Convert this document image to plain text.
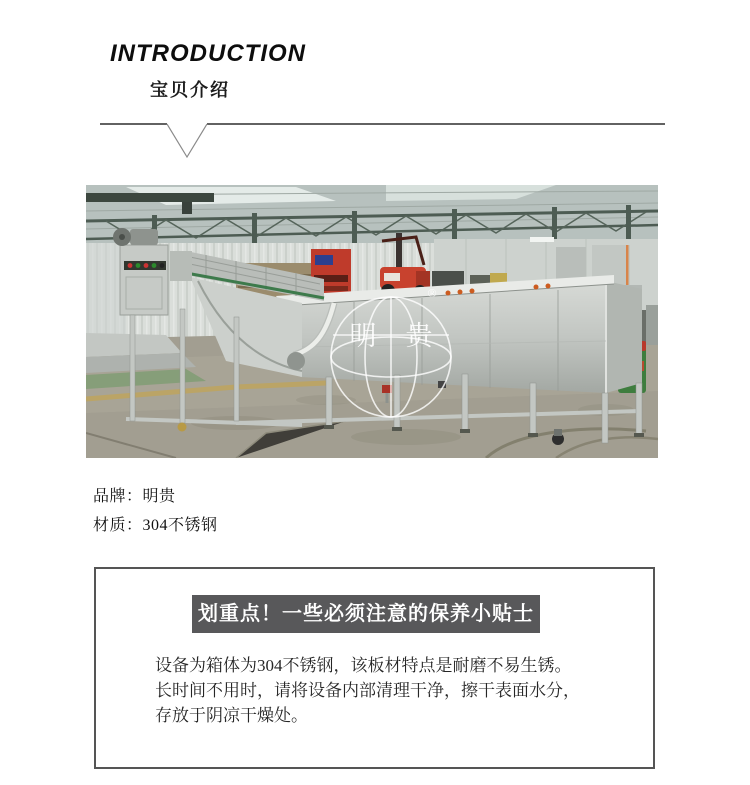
INTRODUCTION
宝贝介绍
明 贵
®
品牌：明贵
材质：304不锈钢
划重点！一些必须注意的保养小贴士

设备为箱体为304不锈钢，该板材特点是耐磨不易生锈。

长时间不用时，请将设备内部清理干净，擦干表面水分，

存放于阴凉干燥处。
